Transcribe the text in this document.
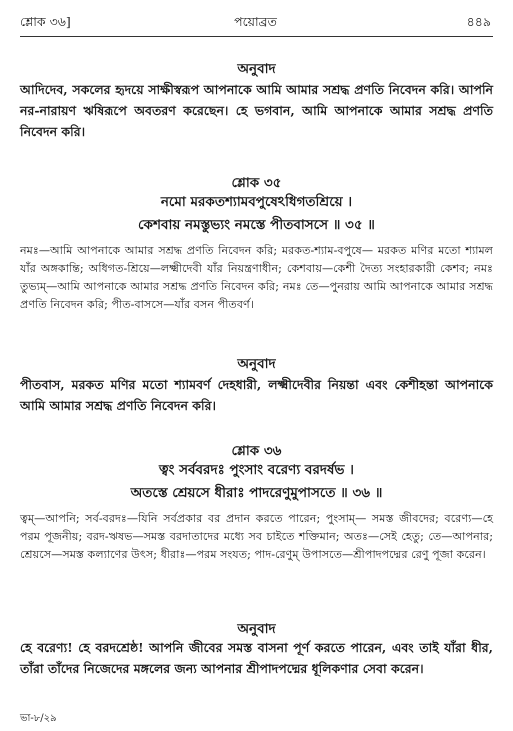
শ্লোক ৩৬]	পয়োব্রত	৪৪৯
অনুবাদ
আদিদেব, সকলের হৃদয়ে সাক্ষীস্বরূপ আপনাকে আমি আমার সশ্রদ্ধ প্রণতি নিবেদন করি। আপনি নর-নারায়ণ ঋষিরূপে অবতরণ করেছেন। হে ভগবান, আমি আপনাকে আমার সশ্রদ্ধ প্রণতি নিবেদন করি।
শ্লোক ৩৫
নমো মরকতশ্যামবপুষেঽধিগতশ্রিয়ে ।
কেশবায় নমস্তুভ্যং নমস্তে পীতবাসসে ॥ ৩৫ ॥
নমঃ—আমি আপনাকে আমার সশ্রদ্ধ প্রণতি নিবেদন করি; মরকত-শ্যাম-বপুষে— মরকত মণির মতো শ্যামল যাঁর অঙ্গকান্তি; অধিগত-শ্রিয়ে—লক্ষ্মীদেবী যাঁর নিয়ন্ত্রণাধীন; কেশবায়—কেশী দৈত্য সংহারকারী কেশব; নমঃ তুভ্যম্—আমি আপনাকে আমার সশ্রদ্ধ প্রণতি নিবেদন করি; নমঃ তে—পুনরায় আমি আপনাকে আমার সশ্রদ্ধ প্রণতি নিবেদন করি; পীত-বাসসে—যাঁর বসন পীতবর্ণ।
অনুবাদ
পীতবাস, মরকত মণির মতো শ্যামবর্ণ দেহধারী, লক্ষ্মীদেবীর নিয়ন্তা এবং কেশীহন্তা আপনাকে আমি আমার সশ্রদ্ধ প্রণতি নিবেদন করি।
শ্লোক ৩৬
ত্বং সর্ববরদঃ পুংসাং বরেণ্য বরদর্ষভ ।
অতস্তে শ্রেয়সে ধীরাঃ পাদরেণুমুপাসতে ॥ ৩৬ ॥
ত্বম্—আপনি; সর্ব-বরদঃ—যিনি সর্বপ্রকার বর প্রদান করতে পারেন; পুংসাম্— সমস্ত জীবদের; বরেণ্য—হে পরম পূজনীয়; বরদ-ঋষভ—সমস্ত বরদাতাদের মধ্যে সব চাইতে শক্তিমান; অতঃ—সেই হেতু; তে—আপনার; শ্রেয়সে—সমস্ত কল্যাণের উৎস; ধীরাঃ—পরম সংযত; পাদ-রেণুম্ উপাসতে—শ্রীপাদপদ্মের রেণু পূজা করেন।
অনুবাদ
হে বরেণ্য! হে বরদশ্রেষ্ঠ! আপনি জীবের সমস্ত বাসনা পূর্ণ করতে পারেন, এবং তাই যাঁরা ধীর, তাঁরা তাঁদের নিজেদের মঙ্গলের জন্য আপনার শ্রীপাদপদ্মের ধূলিকণার সেবা করেন।
ভা-৮/২৯
